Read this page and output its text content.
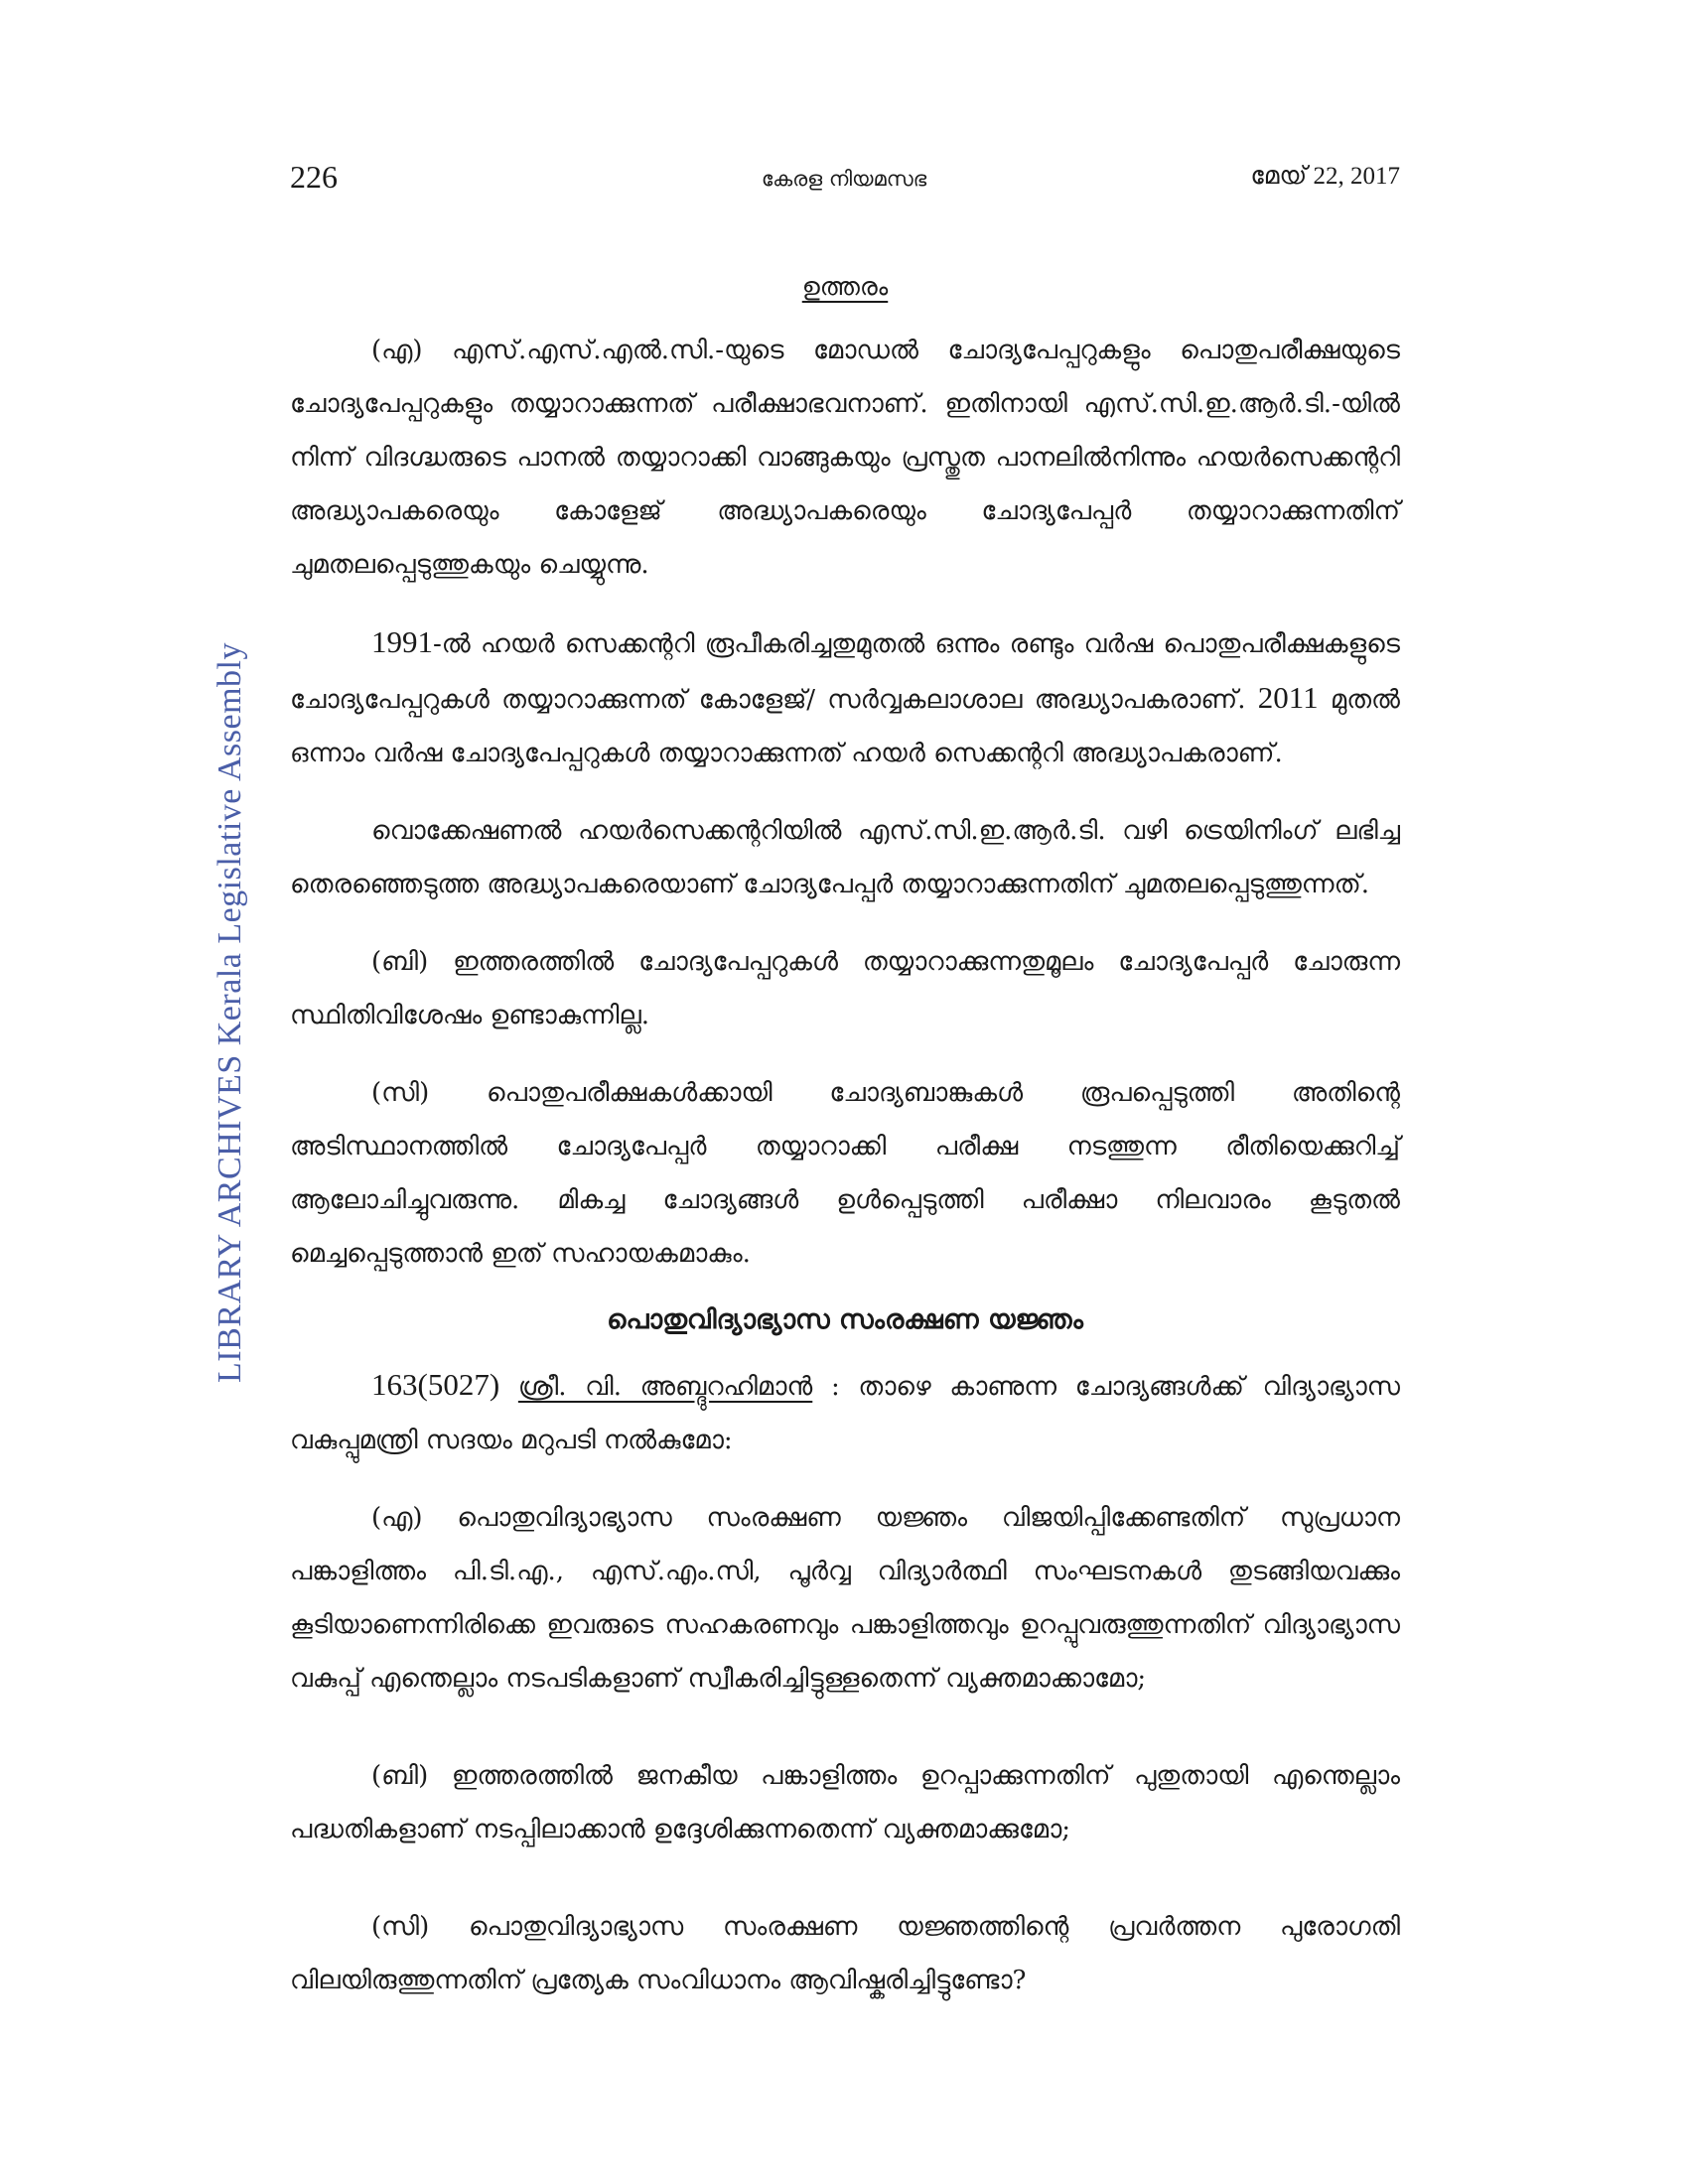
LIBRARY ARCHIVES Kerala Legislative Assembly
226	കേരള നിയമസഭ	മേയ് 22, 2017
ഉത്തരം

(എ) എസ്.എസ്.എൽ.സി.-യുടെ മോഡൽ ചോദ്യപേപ്പറുകളും പൊതുപരീക്ഷയുടെ ചോദ്യപേപ്പറുകളും തയ്യാറാക്കുന്നത് പരീക്ഷാഭവനാണ്. ഇതിനായി എസ്.സി.ഇ.ആർ.ടി.-യിൽ നിന്ന് വിദഗ്ദ്ധരുടെ പാനൽ തയ്യാറാക്കി വാങ്ങുകയും പ്രസ്തുത പാനലിൽനിന്നും ഹയർസെക്കന്ററി അദ്ധ്യാപകരെയും കോളേജ് അദ്ധ്യാപകരെയും ചോദ്യപേപ്പർ തയ്യാറാക്കുന്നതിന് ചുമതലപ്പെടുത്തുകയും ചെയ്യുന്നു.

1991-ൽ ഹയർ സെക്കന്ററി രൂപീകരിച്ചതുമുതൽ ഒന്നും രണ്ടും വർഷ പൊതുപരീക്ഷകളുടെ ചോദ്യപേപ്പറുകൾ തയ്യാറാക്കുന്നത് കോളേജ്/ സർവ്വകലാശാല അദ്ധ്യാപകരാണ്. 2011 മുതൽ ഒന്നാം വർഷ ചോദ്യപേപ്പറുകൾ തയ്യാറാക്കുന്നത് ഹയർ സെക്കന്ററി അദ്ധ്യാപകരാണ്.

വൊക്കേഷണൽ ഹയർസെക്കന്ററിയിൽ എസ്.സി.ഇ.ആർ.ടി. വഴി ട്രെയിനിംഗ് ലഭിച്ച തെരഞ്ഞെടുത്ത അദ്ധ്യാപകരെയാണ് ചോദ്യപേപ്പർ തയ്യാറാക്കുന്നതിന് ചുമതലപ്പെടുത്തുന്നത്.

(ബി) ഇത്തരത്തിൽ ചോദ്യപേപ്പറുകൾ തയ്യാറാക്കുന്നതുമൂലം ചോദ്യപേപ്പർ ചോരുന്ന സ്ഥിതിവിശേഷം ഉണ്ടാകുന്നില്ല.

(സി) പൊതുപരീക്ഷകൾക്കായി ചോദ്യബാങ്കുകൾ രൂപപ്പെടുത്തി അതിന്റെ അടിസ്ഥാനത്തിൽ ചോദ്യപേപ്പർ തയ്യാറാക്കി പരീക്ഷ നടത്തുന്ന രീതിയെക്കുറിച്ച് ആലോചിച്ചുവരുന്നു. മികച്ച ചോദ്യങ്ങൾ ഉൾപ്പെടുത്തി പരീക്ഷാ നിലവാരം കൂടുതൽ മെച്ചപ്പെടുത്താൻ ഇത് സഹായകമാകും.

പൊതുവിദ്യാഭ്യാസ സംരക്ഷണ യജ്ഞം

163(5027) ശ്രീ. വി. അബ്ദുറഹിമാൻ : താഴെ കാണുന്ന ചോദ്യങ്ങൾക്ക് വിദ്യാഭ്യാസ വകുപ്പുമന്ത്രി സദയം മറുപടി നൽകുമോ:

(എ) പൊതുവിദ്യാഭ്യാസ സംരക്ഷണ യജ്ഞം വിജയിപ്പിക്കേണ്ടതിന് സുപ്രധാന പങ്കാളിത്തം പി.ടി.എ., എസ്.എം.സി, പൂർവ്വ വിദ്യാർത്ഥി സംഘടനകൾ തുടങ്ങിയവക്കും കൂടിയാണെന്നിരിക്കെ ഇവരുടെ സഹകരണവും പങ്കാളിത്തവും ഉറപ്പുവരുത്തുന്നതിന് വിദ്യാഭ്യാസ വകുപ്പ് എന്തെല്ലാം നടപടികളാണ് സ്വീകരിച്ചിട്ടുള്ളതെന്ന് വ്യക്തമാക്കാമോ;

(ബി) ഇത്തരത്തിൽ ജനകീയ പങ്കാളിത്തം ഉറപ്പാക്കുന്നതിന് പുതുതായി എന്തെല്ലാം പദ്ധതികളാണ് നടപ്പിലാക്കാൻ ഉദ്ദേശിക്കുന്നതെന്ന് വ്യക്തമാക്കുമോ;

(സി) പൊതുവിദ്യാഭ്യാസ സംരക്ഷണ യജ്ഞത്തിന്റെ പ്രവർത്തന പുരോഗതി വിലയിരുത്തുന്നതിന് പ്രത്യേക സംവിധാനം ആവിഷ്കരിച്ചിട്ടുണ്ടോ?
